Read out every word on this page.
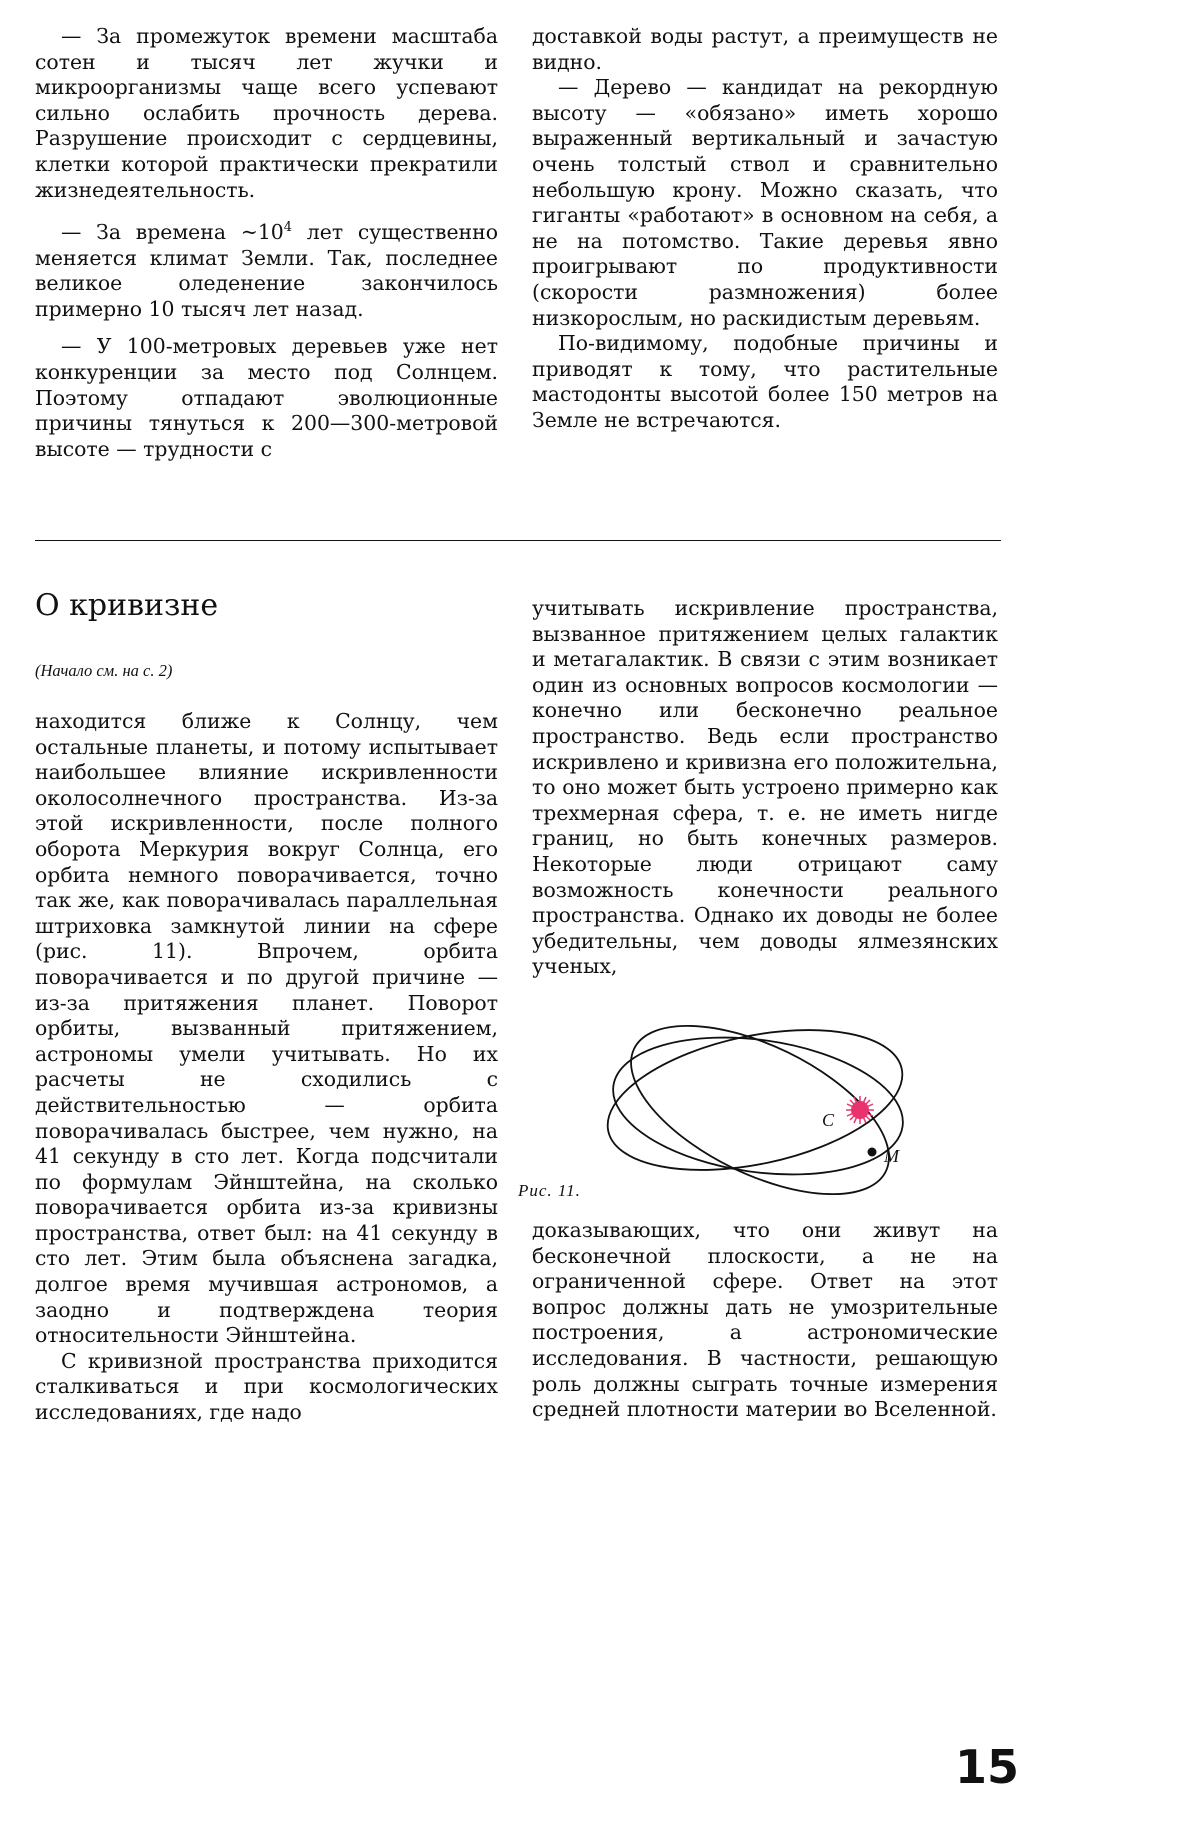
— За промежуток времени масштаба сотен и тысяч лет жучки и микроорганизмы чаще всего успевают сильно ослабить прочность дерева. Разрушение происходит с сердцевины, клетки которой практически прекратили жизнедеятельность.

— За времена $\sim 10^4$ лет существенно меняется климат Земли. Так, последнее великое оледенение закончилось примерно 10 тысяч лет назад.

— У 100-метровых деревьев уже нет конкуренции за место под Солнцем. Поэтому отпадают эволюционные причины тянуться к 200—300-метровой высоте — трудности с

доставкой воды растут, а преимуществ не видно.

— Дерево — кандидат на рекордную высоту — «обязано» иметь хорошо выраженный вертикальный и зачастую очень толстый ствол и сравнительно небольшую крону. Можно сказать, что гиганты «работают» в основном на себя, а не на потомство. Такие деревья явно проигрывают по продуктивности (скорости размножения) более низкорослым, но раскидистым деревьям.

По-видимому, подобные причины и приводят к тому, что растительные мастодонты высотой более 150 метров на Земле не встречаются.

О кривизне
(Начало см. на с. 2)

находится ближе к Солнцу, чем остальные планеты, и потому испытывает наибольшее влияние искривленности околосолнечного пространства. Из-за этой искривленности, после полного оборота Меркурия вокруг Солнца, его орбита немного поворачивается, точно так же, как поворачивалась параллельная штриховка замкнутой линии на сфере (рис. 11). Впрочем, орбита поворачивается и по другой причине — из-за притяжения планет. Поворот орбиты, вызванный притяжением, астрономы умели учитывать. Но их расчеты не сходились с действительностью — орбита поворачивалась быстрее, чем нужно, на 41 секунду в сто лет. Когда подсчитали по формулам Эйнштейна, на сколько поворачивается орбита из-за кривизны пространства, ответ был: на 41 секунду в сто лет. Этим была объяснена загадка, долгое время мучившая астрономов, а заодно и подтверждена теория относительности Эйнштейна.

С кривизной пространства приходится сталкиваться и при космологических исследованиях, где надо

учитывать искривление пространства, вызванное притяжением целых галактик и метагалактик. В связи с этим возникает один из основных вопросов космологии — конечно или бесконечно реальное пространство. Ведь если пространство искривлено и кривизна его положительна, то оно может быть устроено примерно как трехмерная сфера, т. е. не иметь нигде границ, но быть конечных размеров. Некоторые люди отрицают саму возможность конечности реального пространства. Однако их доводы не более убедительны, чем доводы ялмезянских ученых,

C
M
Рис. 11.

доказывающих, что они живут на бесконечной плоскости, а не на ограниченной сфере. Ответ на этот вопрос должны дать не умозрительные построения, а астрономические исследования. В частности, решающую роль должны сыграть точные измерения средней плотности материи во Вселенной.

15
